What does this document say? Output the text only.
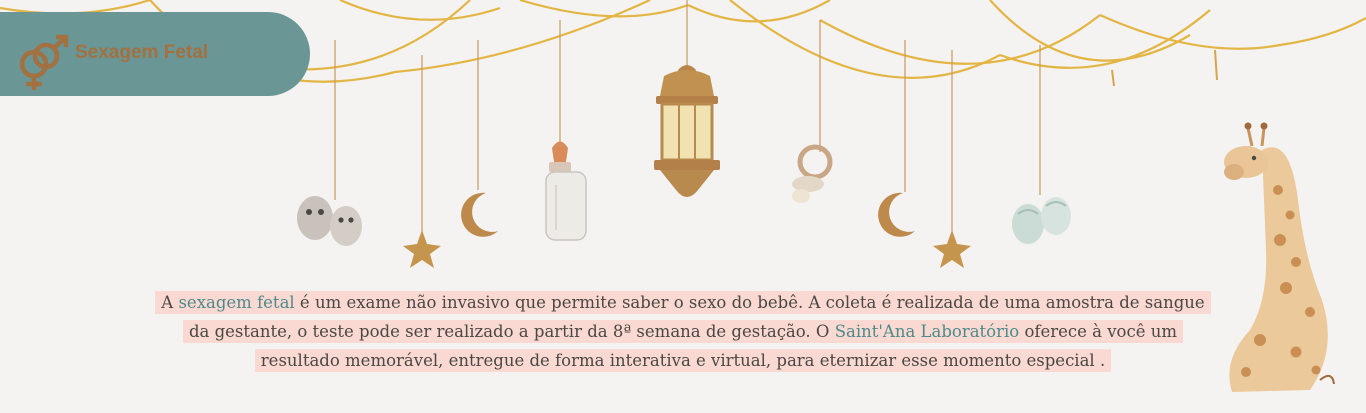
Sexagem Fetal

A sexagem fetal é um exame não invasivo que permite saber o sexo do bebê. A coleta é realizada de uma amostra de sangue

da gestante, o teste pode ser realizado a partir da 8ª semana de gestação. O Saint'Ana Laboratório oferece à você um

resultado memorável, entregue de forma interativa e virtual, para eternizar esse momento especial .
